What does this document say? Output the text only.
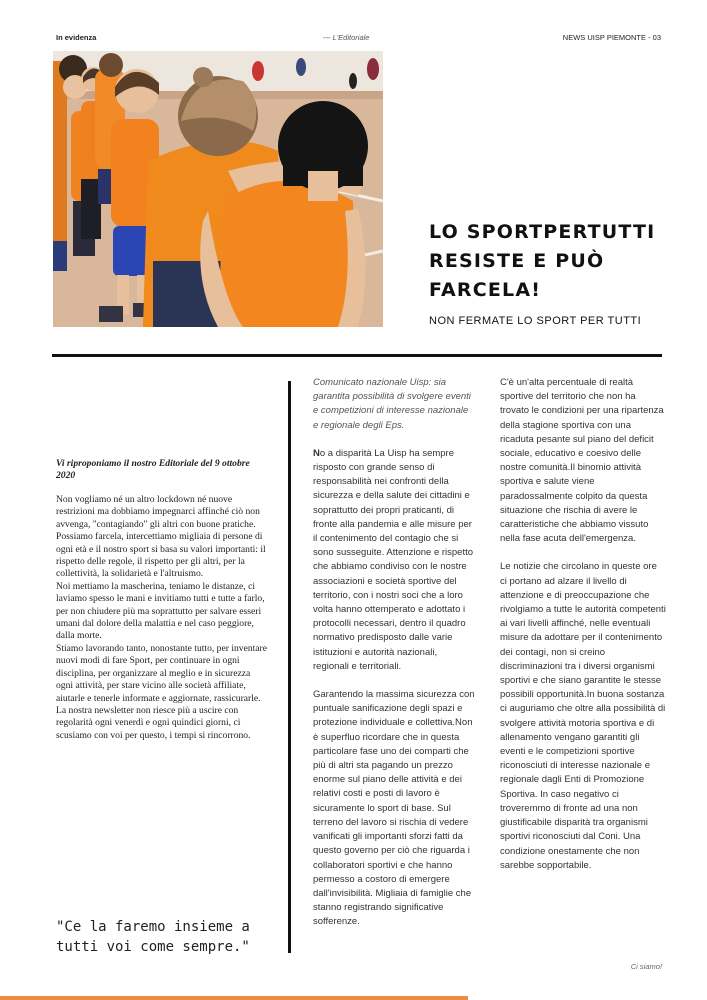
In evidenza	--- L'Editoriale	NEWS UISP PIEMONTE - 03
LO SPORTPERTUTTI
RESISTE E PUÒ
FARCELA!
NON FERMATE LO SPORT PER TUTTI
Vi riproponiamo il nostro Editoriale del 9 ottobre 2020

Non vogliamo né un altro lockdown né nuove restrizioni ma dobbiamo impegnarci affinché ciò non avvenga, "contagiando" gli altri con buone pratiche.

Possiamo farcela, intercettiamo migliaia di persone di ogni età e il nostro sport si basa su valori importanti: il rispetto delle regole, il rispetto per gli altri, per la collettività, la solidarietà e l'altruismo.

Noi mettiamo la mascherina, teniamo le distanze, ci laviamo spesso le mani e invitiamo tutti e tutte a farlo, per non chiudere più ma soprattutto per salvare esseri umani dal dolore della malattia e nel caso peggiore, dalla morte.

Stiamo lavorando tanto, nonostante tutto, per inventare

nuovi modi di fare Sport, per continuare in ogni disciplina, per organizzare al meglio e in sicurezza ogni attività, per stare vicino alle società affiliate, aiutarle e tenerle informate e aggiornate, rassicurarle.

La nostra newsletter non riesce più a uscire con regolarità ogni venerdì e ogni quindici giorni, ci scusiamo con voi per questo, i tempi si rincorrono.

"Ce la faremo insieme a
tutti voi come sempre."

Comunicato nazionale Uisp: sia garantita possibilità di svolgere eventi e competizioni di interesse nazionale e regionale degli Eps.

No a disparità La Uisp ha sempre risposto con grande senso di responsabilità nei confronti della sicurezza e della salute dei cittadini e soprattutto dei propri praticanti, di fronte alla pandemia e alle misure per il contenimento del contagio che si sono susseguite. Attenzione e rispetto che abbiamo condiviso con le nostre associazioni e società sportive del territorio, con i nostri soci che a loro volta hanno ottemperato e adottato i protocolli necessari, dentro il quadro normativo predisposto dalle varie istituzioni e autorità nazionali, regionali e territoriali.

Garantendo la massima sicurezza con puntuale sanificazione degli spazi e protezione individuale e collettiva.Non è superfluo ricordare che in questa particolare fase uno dei comparti che più di altri sta pagando un prezzo enorme sul piano delle attività e dei relativi costi e posti di lavoro è sicuramente lo sport di base. Sul terreno del lavoro si rischia di vedere vanificati gli importanti sforzi fatti da questo governo per ciò che riguarda i collaboratori sportivi e che hanno permesso a costoro di emergere dall'invisibilità. Migliaia di famiglie che stanno registrando significative sofferenze.

C'è un'alta percentuale di realtà sportive del territorio che non ha trovato le condizioni per una ripartenza della stagione sportiva con una ricaduta pesante sul piano del deficit sociale, educativo e coesivo delle nostre comunità.Il binomio attività sportiva e salute viene paradossalmente colpito da questa situazione che rischia di avere le caratteristiche che abbiamo vissuto nella fase acuta dell'emergenza.

Le notizie che circolano in queste ore ci portano ad alzare il livello di attenzione e di preoccupazione che rivolgiamo a tutte le autorità competenti ai vari livelli affinché, nelle eventuali misure da adottare per il contenimento dei contagi, non si creino discriminazioni tra i diversi organismi sportivi e che siano garantite le stesse possibili opportunità.In buona sostanza ci auguriamo che oltre alla possibilità di svolgere attività motoria sportiva e di allenamento vengano garantiti gli eventi e le competizioni sportive riconosciuti di interesse nazionale e regionale dagli Enti di Promozione Sportiva. In caso negativo ci troveremmo di fronte ad una non giustificabile disparità tra organismi sportivi riconosciuti dal Coni. Una condizione onestamente che non sarebbe sopportabile.

Ci siamo!
